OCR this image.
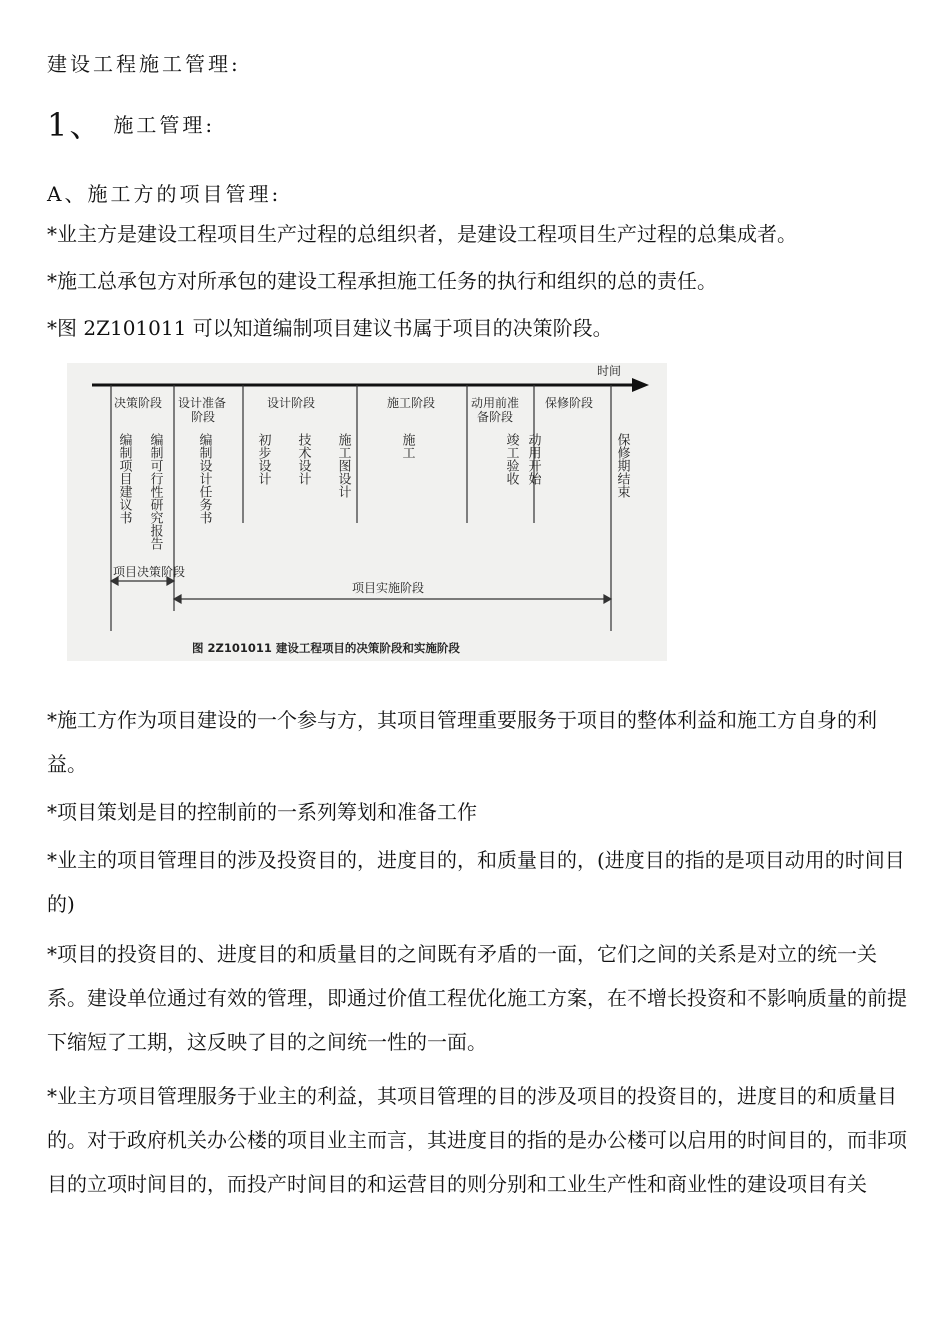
建设工程施工管理:

1、 施工管理:

A、施工方的项目管理:

*业主方是建设工程项目生产过程的总组织者，是建设工程项目生产过程的总集成者。

*施工总承包方对所承包的建设工程承担施工任务的执行和组织的总的责任。

*图 2Z101011 可以知道编制项目建议书属于项目的决策阶段。

时间
决策阶段 设计准备
阶段
设计阶段	施工阶段	动用前准
备阶段
保修阶段
编制项目建议书 编制可行性研究报告	编制设计任务书	初步设计 技术设计 施工图设计	施工	竣工验收 动用开始	保修期结束
项目决策阶段
项目实施阶段
图 2Z101011 建设工程项目的决策阶段和实施阶段

*施工方作为项目建设的一个参与方，其项目管理重要服务于项目的整体利益和施工方自身的利益。

*项目策划是目的控制前的一系列筹划和准备工作

*业主的项目管理目的涉及投资目的，进度目的，和质量目的，(进度目的指的是项目动用的时间目的)

*项目的投资目的、进度目的和质量目的之间既有矛盾的一面，它们之间的关系是对立的统一关系。建设单位通过有效的管理，即通过价值工程优化施工方案，在不增长投资和不影响质量的前提下缩短了工期，这反映了目的之间统一性的一面。

*业主方项目管理服务于业主的利益，其项目管理的目的涉及项目的投资目的，进度目的和质量目的。对于政府机关办公楼的项目业主而言，其进度目的指的是办公楼可以启用的时间目的，而非项目的立项时间目的，而投产时间目的和运营目的则分别和工业生产性和商业性的建设项目有关
